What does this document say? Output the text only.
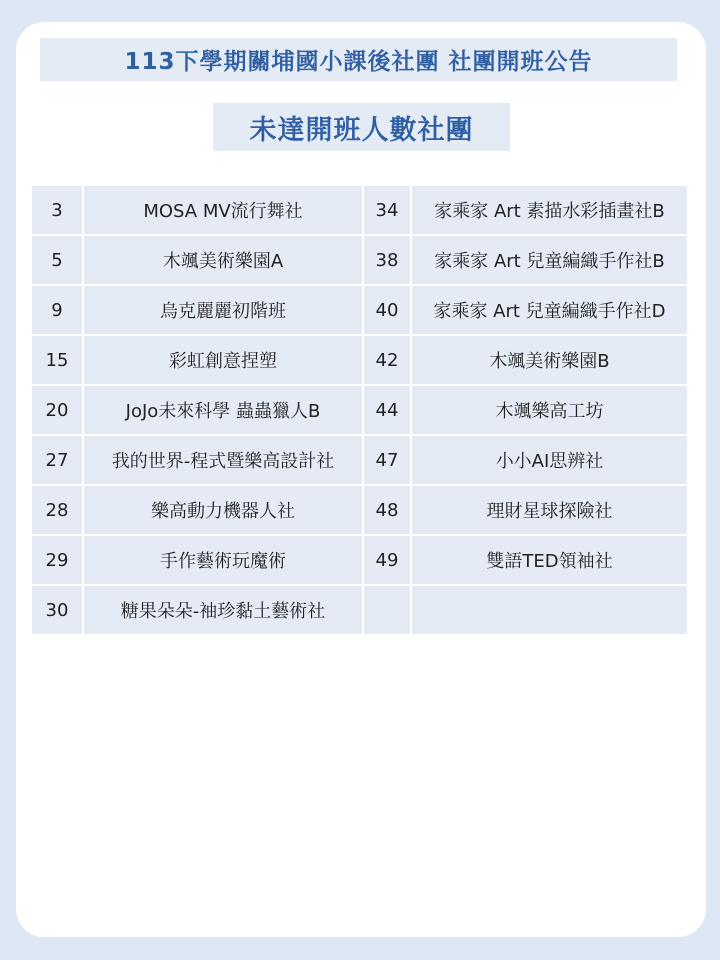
113下學期關埔國小課後社團 社團開班公告
未達開班人數社團
3	MOSA MV流行舞社	34	家乘家 Art 素描水彩插畫社B
5	木颯美術樂園A	38	家乘家 Art 兒童編織手作社B
9	烏克麗麗初階班	40	家乘家 Art 兒童編織手作社D
15	彩虹創意捏塑	42	木颯美術樂園B
20	JoJo未來科學 蟲蟲獵人B	44	木颯樂高工坊
27	我的世界-程式暨樂高設計社	47	小小AI思辨社
28	樂高動力機器人社	48	理財星球探險社
29	手作藝術玩魔術	49	雙語TED領袖社
30	糖果朵朵-袖珍黏土藝術社		
